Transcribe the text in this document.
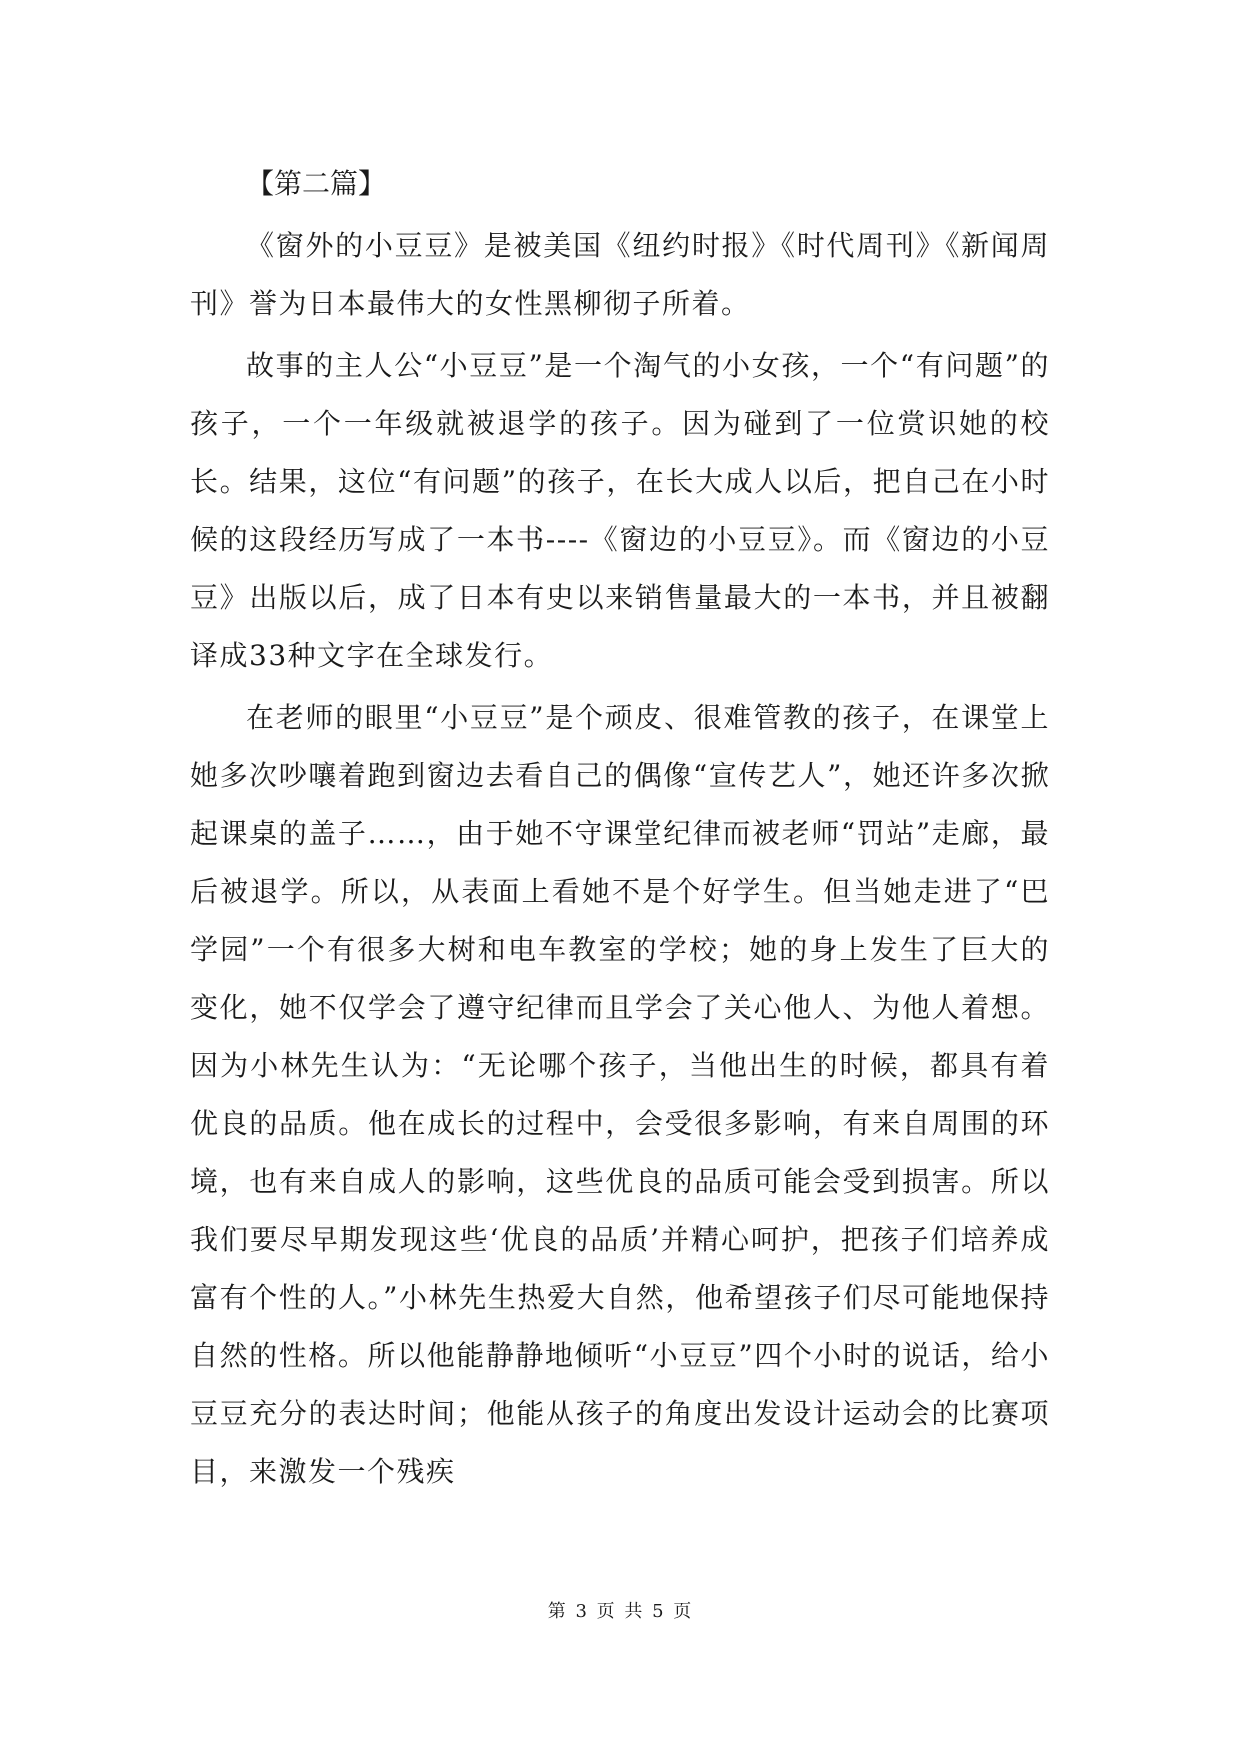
【第二篇】

《窗外的小豆豆》是被美国《纽约时报》《时代周刊》《新闻周刊》誉为日本最伟大的女性黑柳彻子所着。

故事的主人公“小豆豆”是一个淘气的小女孩，一个“有问题”的孩子，一个一年级就被退学的孩子。因为碰到了一位赏识她的校长。结果，这位“有问题”的孩子，在长大成人以后，把自己在小时候的这段经历写成了一本书----《窗边的小豆豆》。而《窗边的小豆豆》出版以后，成了日本有史以来销售量最大的一本书，并且被翻译成33种文字在全球发行。

在老师的眼里“小豆豆”是个顽皮、很难管教的孩子，在课堂上她多次吵嚷着跑到窗边去看自己的偶像“宣传艺人”，她还许多次掀起课桌的盖子……，由于她不守课堂纪律而被老师“罚站”走廊，最后被退学。所以，从表面上看她不是个好学生。但当她走进了“巴学园”一个有很多大树和电车教室的学校；她的身上发生了巨大的变化，她不仅学会了遵守纪律而且学会了关心他人、为他人着想。因为小林先生认为：“无论哪个孩子，当他出生的时候，都具有着优良的品质。他在成长的过程中，会受很多影响，有来自周围的环境，也有来自成人的影响，这些优良的品质可能会受到损害。所以我们要尽早期发现这些‘优良的品质’并精心呵护，把孩子们培养成富有个性的人。”小林先生热爱大自然，他希望孩子们尽可能地保持自然的性格。所以他能静静地倾听“小豆豆”四个小时的说话，给小豆豆充分的表达时间；他能从孩子的角度出发设计运动会的比赛项目，来激发一个残疾

第 3 页 共 5 页
